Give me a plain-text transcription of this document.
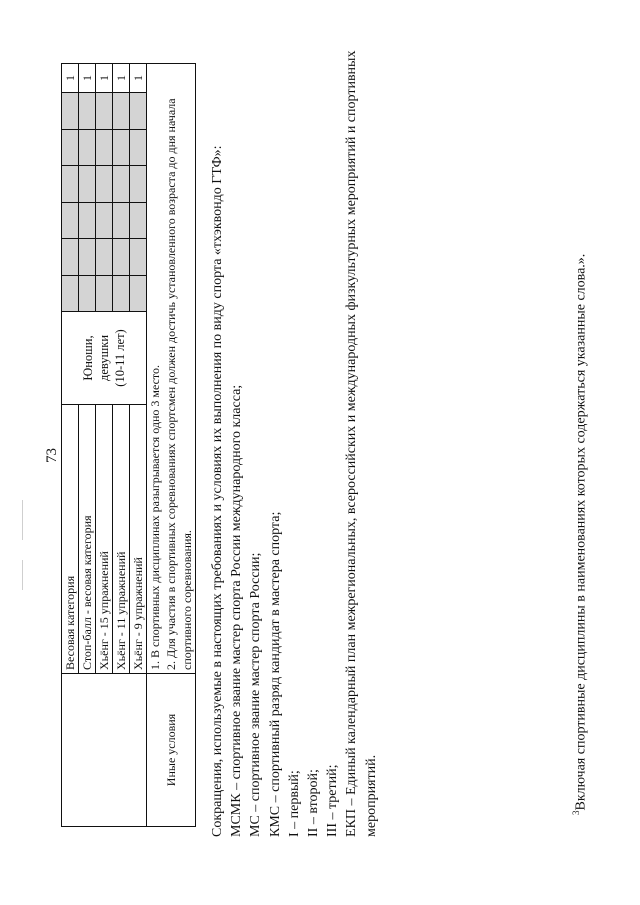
73
	Весовая категория	Юноши, девушки (10-11 лет)							1
	Стоп-балл - весовая категория								1
	Хьёнг - 15 упражнений								1
	Хьёнг - 11 упражнений								1
	Хьёнг - 9 упражнений								1
Иные условия	1. В спортивных дисциплинах разыгрывается одно 3 место. 2. Для участия в спортивных соревнованиях спортсмен должен достичь установленного возраста до дня начала спортивного соревнования.								Сокращения, используемые в настоящих требованиях и условиях их выполнения по виду спорта «тхэквондо ГТФ»: МСМК – спортивное звание мастер спорта России международного класса; МС – спортивное звание мастер спорта России; КМС – спортивный разряд кандидат в мастера спорта; I – первый; II – второй; III – третий; ЕКП – Единый календарный план межрегиональных, всероссийских и международных физкультурных мероприятий и спортивных мероприятий.	$^3$Включая спортивные дисциплины в наименованиях которых содержаться указанные слова.».
